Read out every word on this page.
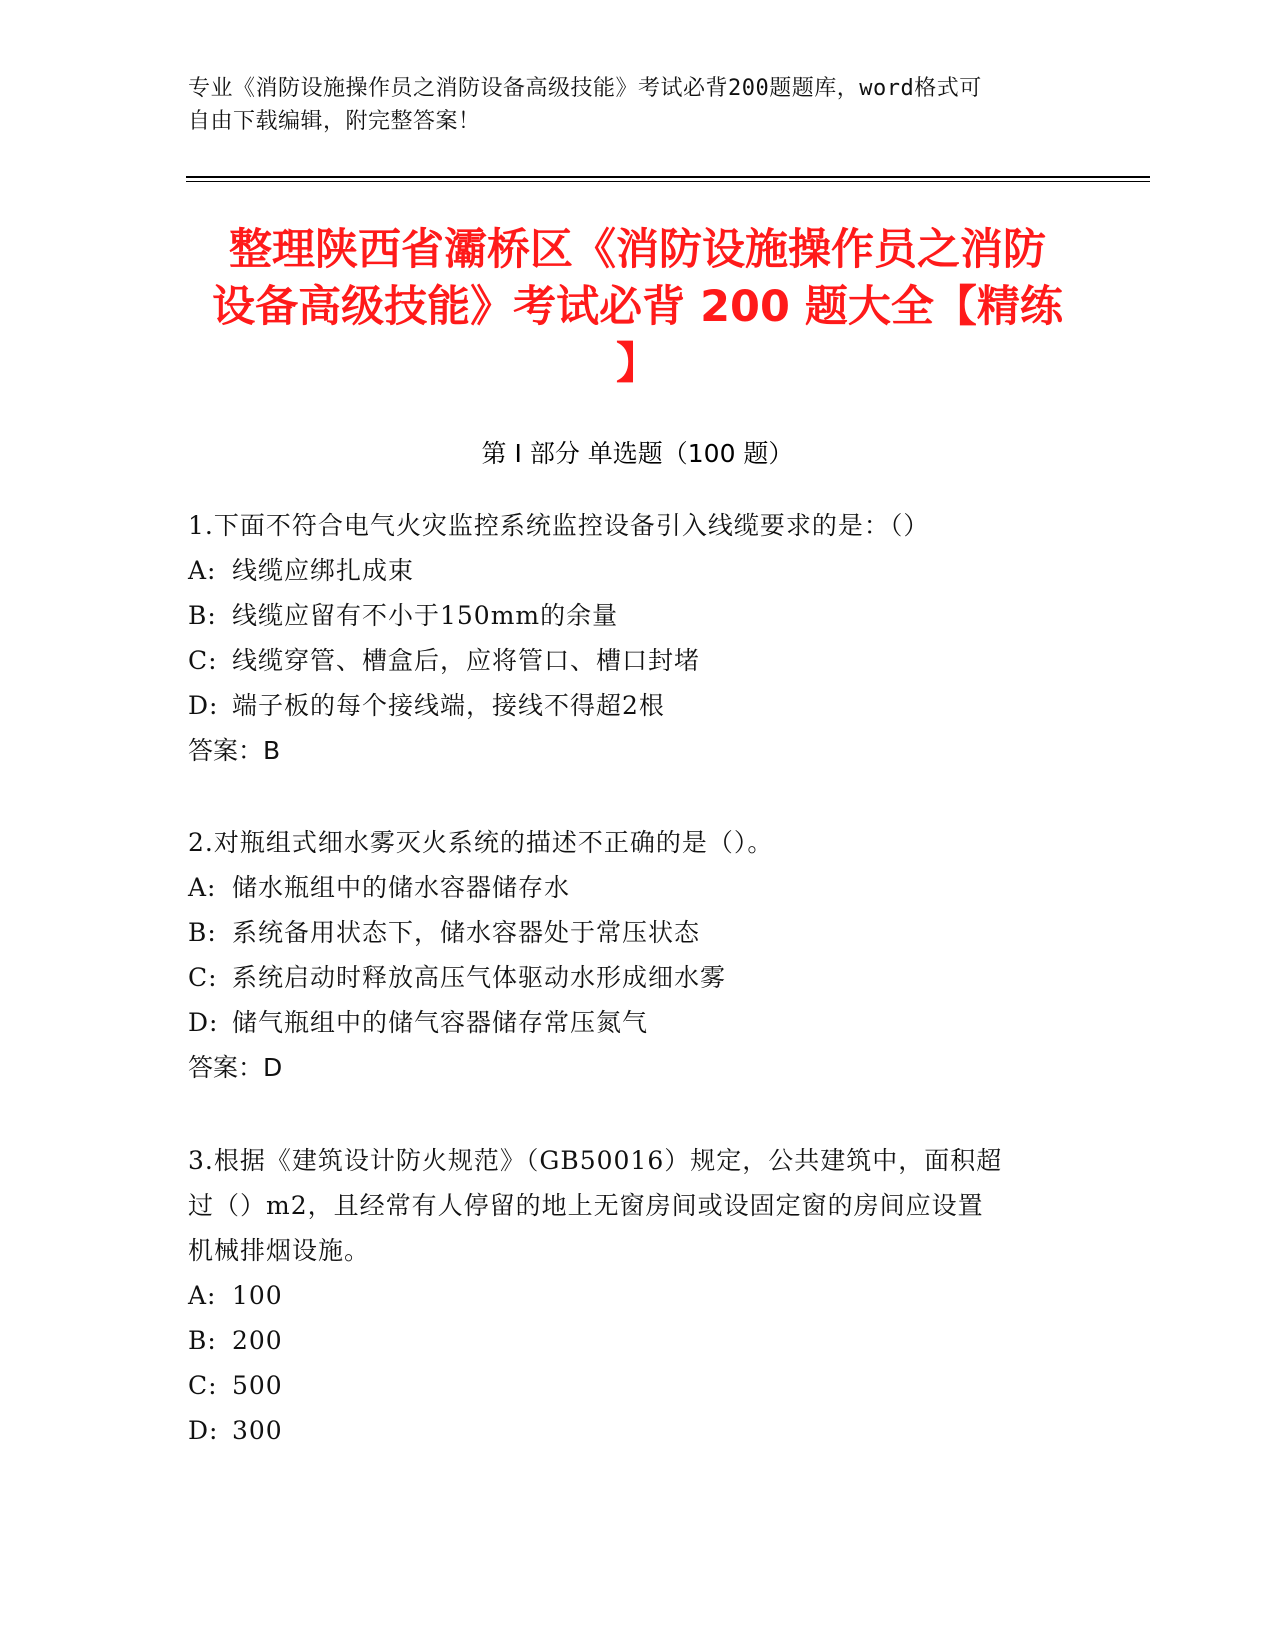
专业《消防设施操作员之消防设备高级技能》考试必背200题题库，word格式可
自由下载编辑，附完整答案！
整理陕西省灞桥区《消防设施操作员之消防
设备高级技能》考试必背 200 题大全【精练
】
第 I 部分 单选题（100 题）
1.下面不符合电气火灾监控系统监控设备引入线缆要求的是：（）
A: 线缆应绑扎成束
B: 线缆应留有不小于150mm的余量
C: 线缆穿管、槽盒后，应将管口、槽口封堵
D: 端子板的每个接线端，接线不得超2根
答案：B
2.对瓶组式细水雾灭火系统的描述不正确的是（）。
A: 储水瓶组中的储水容器储存水
B: 系统备用状态下，储水容器处于常压状态
C: 系统启动时释放高压气体驱动水形成细水雾
D: 储气瓶组中的储气容器储存常压氮气
答案：D
3.根据《建筑设计防火规范》（GB50016）规定，公共建筑中，面积超
过（）m2，且经常有人停留的地上无窗房间或设固定窗的房间应设置
机械排烟设施。
A: 100
B: 200
C: 500
D: 300
